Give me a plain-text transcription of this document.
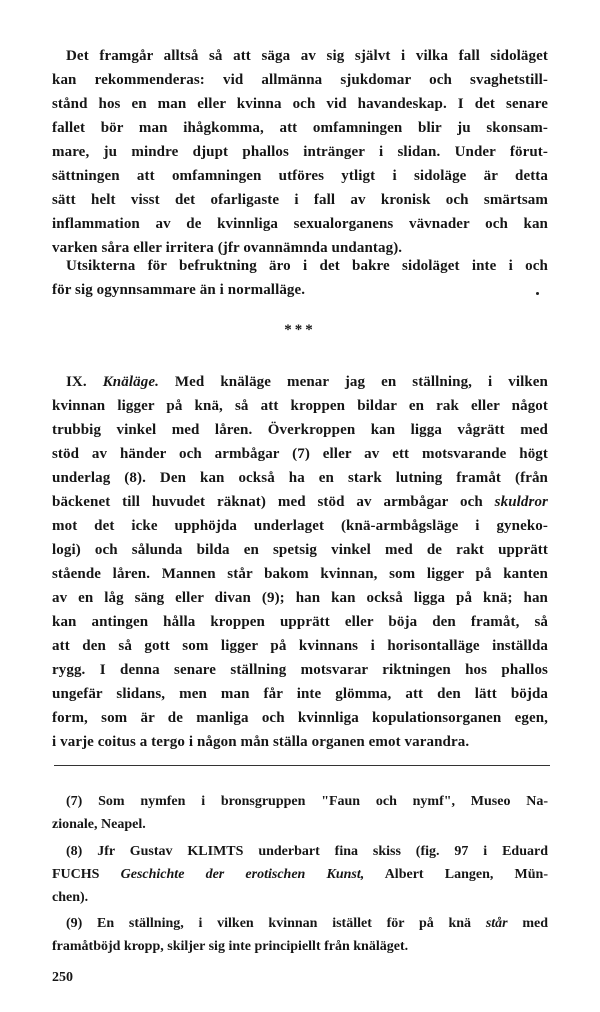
Det framgår alltså så att säga av sig självt i vilka fall sidoläget
kan rekommenderas: vid allmänna sjukdomar och svaghetstill-
stånd hos en man eller kvinna och vid havandeskap. I det senare
fallet bör man ihågkomma, att omfamningen blir ju skonsam-
mare, ju mindre djupt phallos intränger i slidan. Under förut-
sättningen att omfamningen utföres ytligt i sidoläge är detta
sätt helt visst det ofarligaste i fall av kronisk och smärtsam
inflammation av de kvinnliga sexualorganens vävnader och kan
varken såra eller irritera (jfr ovannämnda undantag).
Utsikterna för befruktning äro i det bakre sidoläget inte i och
för sig ogynnsammare än i normalläge.
***
IX. Knäläge. Med knäläge menar jag en ställning, i vilken
kvinnan ligger på knä, så att kroppen bildar en rak eller något
trubbig vinkel med låren. Överkroppen kan ligga vågrätt med
stöd av händer och armbågar (7) eller av ett motsvarande högt
underlag (8). Den kan också ha en stark lutning framåt (från
bäckenet till huvudet räknat) med stöd av armbågar och skuldror
mot det icke upphöjda underlaget (knä-armbågsläge i gyneko-
logi) och sålunda bilda en spetsig vinkel med de rakt upprätt
stående låren. Mannen står bakom kvinnan, som ligger på kanten
av en låg säng eller divan (9); han kan också ligga på knä; han
kan antingen hålla kroppen upprätt eller böja den framåt, så
att den så gott som ligger på kvinnans i horisontalläge inställda
rygg. I denna senare ställning motsvarar riktningen hos phallos
ungefär slidans, men man får inte glömma, att den lätt böjda
form, som är de manliga och kvinnliga kopulationsorganen egen,
i varje coitus a tergo i någon mån ställa organen emot varandra.
(7) Som nymfen i bronsgruppen "Faun och nymf", Museo Na-
zionale, Neapel.
(8) Jfr Gustav KLIMTS underbart fina skiss (fig. 97 i Eduard
FUCHS Geschichte der erotischen Kunst, Albert Langen, Mün-
chen).
(9) En ställning, i vilken kvinnan istället för på knä står med
framåtböjd kropp, skiljer sig inte principiellt från knäläget.
250
